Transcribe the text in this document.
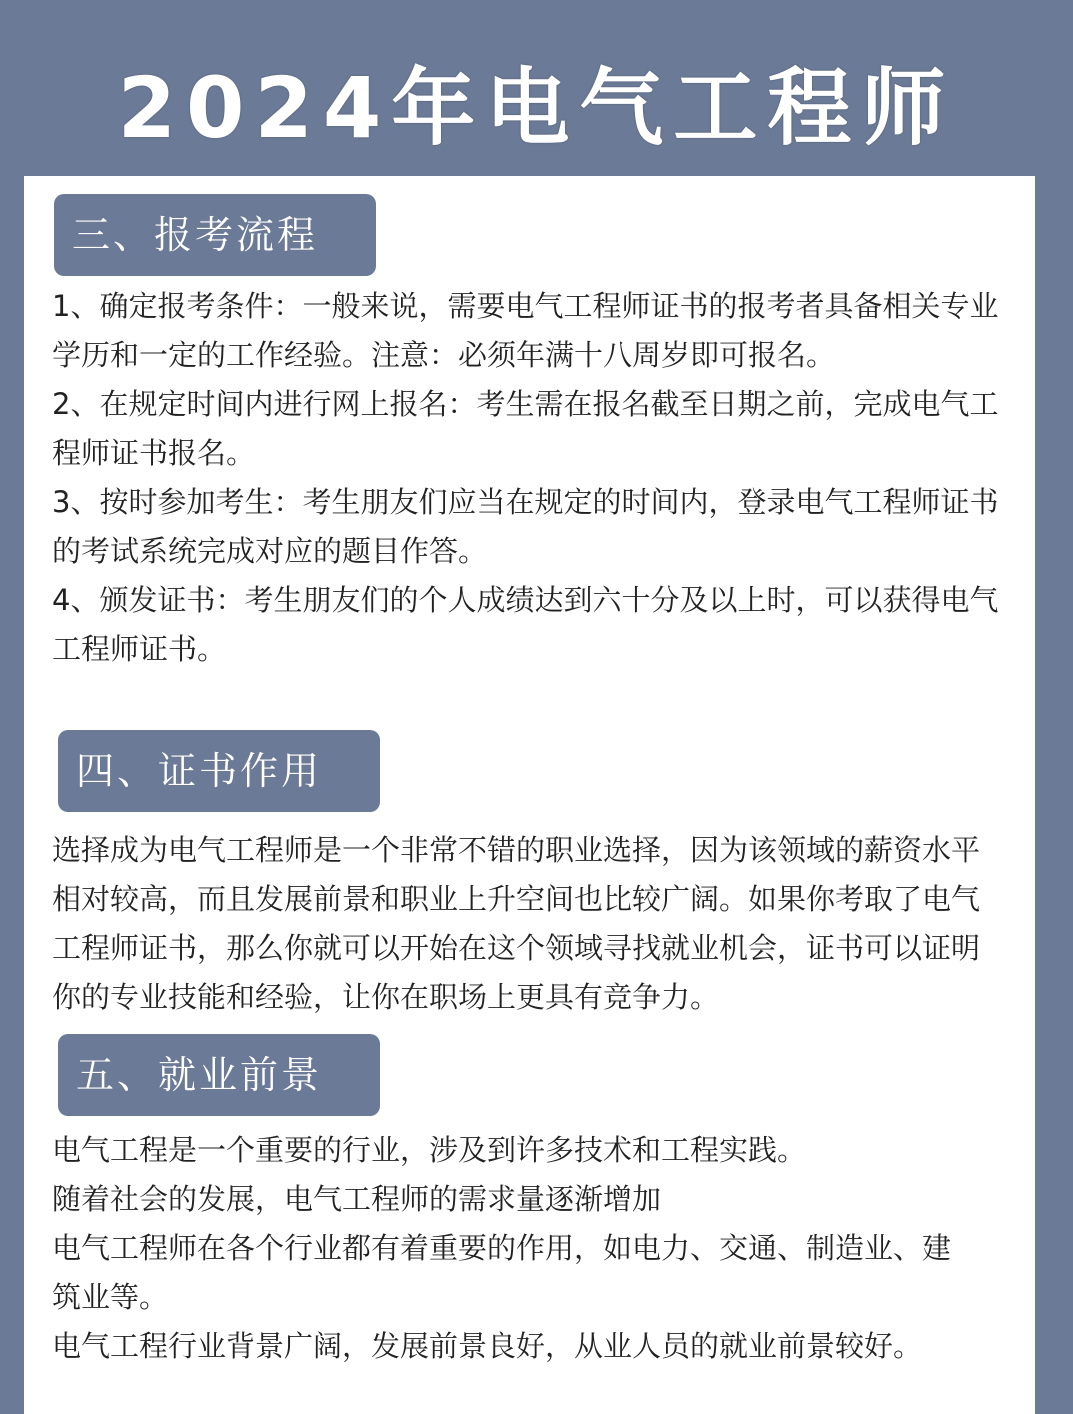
2024年电气工程师
三、报考流程

1、确定报考条件：一般来说，需要电气工程师证书的报考者具备相关专业学历和一定的工作经验。注意：必须年满十八周岁即可报名。

2、在规定时间内进行网上报名：考生需在报名截至日期之前，完成电气工程师证书报名。

3、按时参加考生：考生朋友们应当在规定的时间内，登录电气工程师证书的考试系统完成对应的题目作答。

4、颁发证书：考生朋友们的个人成绩达到六十分及以上时，可以获得电气工程师证书。

四、证书作用

选择成为电气工程师是一个非常不错的职业选择，因为该领域的薪资水平相对较高，而且发展前景和职业上升空间也比较广阔。如果你考取了电气工程师证书，那么你就可以开始在这个领域寻找就业机会，证书可以证明你的专业技能和经验，让你在职场上更具有竞争力。

五、就业前景

电气工程是一个重要的行业，涉及到许多技术和工程实践。

随着社会的发展，电气工程师的需求量逐渐增加

电气工程师在各个行业都有着重要的作用，如电力、交通、制造业、建筑业等。

电气工程行业背景广阔，发展前景良好，从业人员的就业前景较好。
